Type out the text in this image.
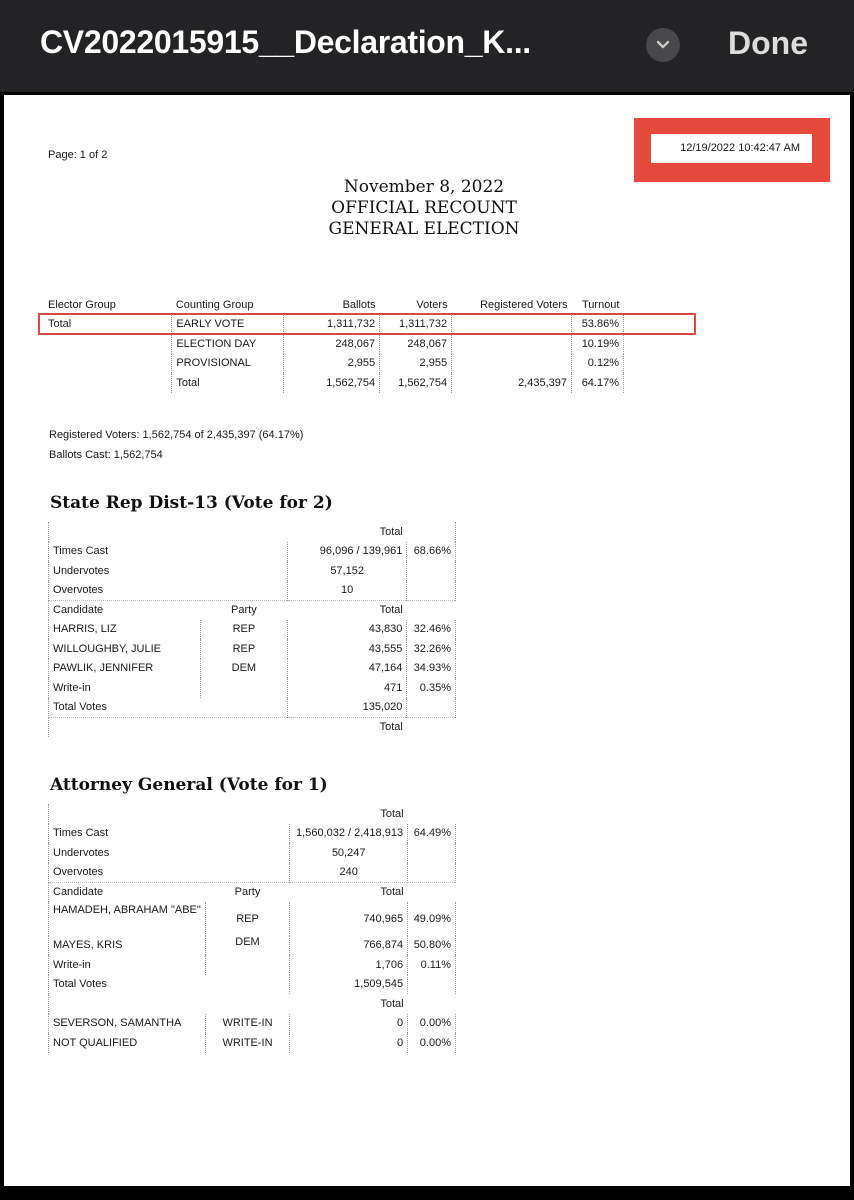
CV2022015915__Declaration_K...	Done
Page: 1 of 2
12/19/2022 10:42:47 AM
November 8, 2022
OFFICIAL RECOUNT
GENERAL ELECTION
Elector Group	Counting Group	Ballots	Voters	Registered Voters	Turnout
Total	EARLY VOTE	1,311,732	1,311,732		53.86%
	ELECTION DAY	248,067	248,067		10.19%
	PROVISIONAL	2,955	2,955		0.12%
	Total	1,562,754	1,562,754	2,435,397	64.17%
Registered Voters: 1,562,754 of 2,435,397 (64.17%)
Ballots Cast: 1,562,754
State Rep Dist-13 (Vote for 2)
		Total	
Times Cast		96,096 / 139,961	68.66%
Undervotes		57,152	
Overvotes		10	
Candidate	Party	Total	
HARRIS, LIZ	REP	43,830	32.46%
WILLOUGHBY, JULIE	REP	43,555	32.26%
PAWLIK, JENNIFER	DEM	47,164	34.93%
Write-in		471	0.35%
Total Votes		135,020	
		Total	
Attorney General (Vote for 1)
		Total	
Times Cast		1,560,032 / 2,418,913	64.49%
Undervotes		50,247	
Overvotes		240	
Candidate	Party	Total	
HAMADEH, ABRAHAM "ABE"	REP	740,965	49.09%
MAYES, KRIS	DEM	766,874	50.80%
Write-in		1,706	0.11%
Total Votes		1,509,545	
		Total	
SEVERSON, SAMANTHA	WRITE-IN	0	0.00%
NOT QUALIFIED	WRITE-IN	0	0.00%
